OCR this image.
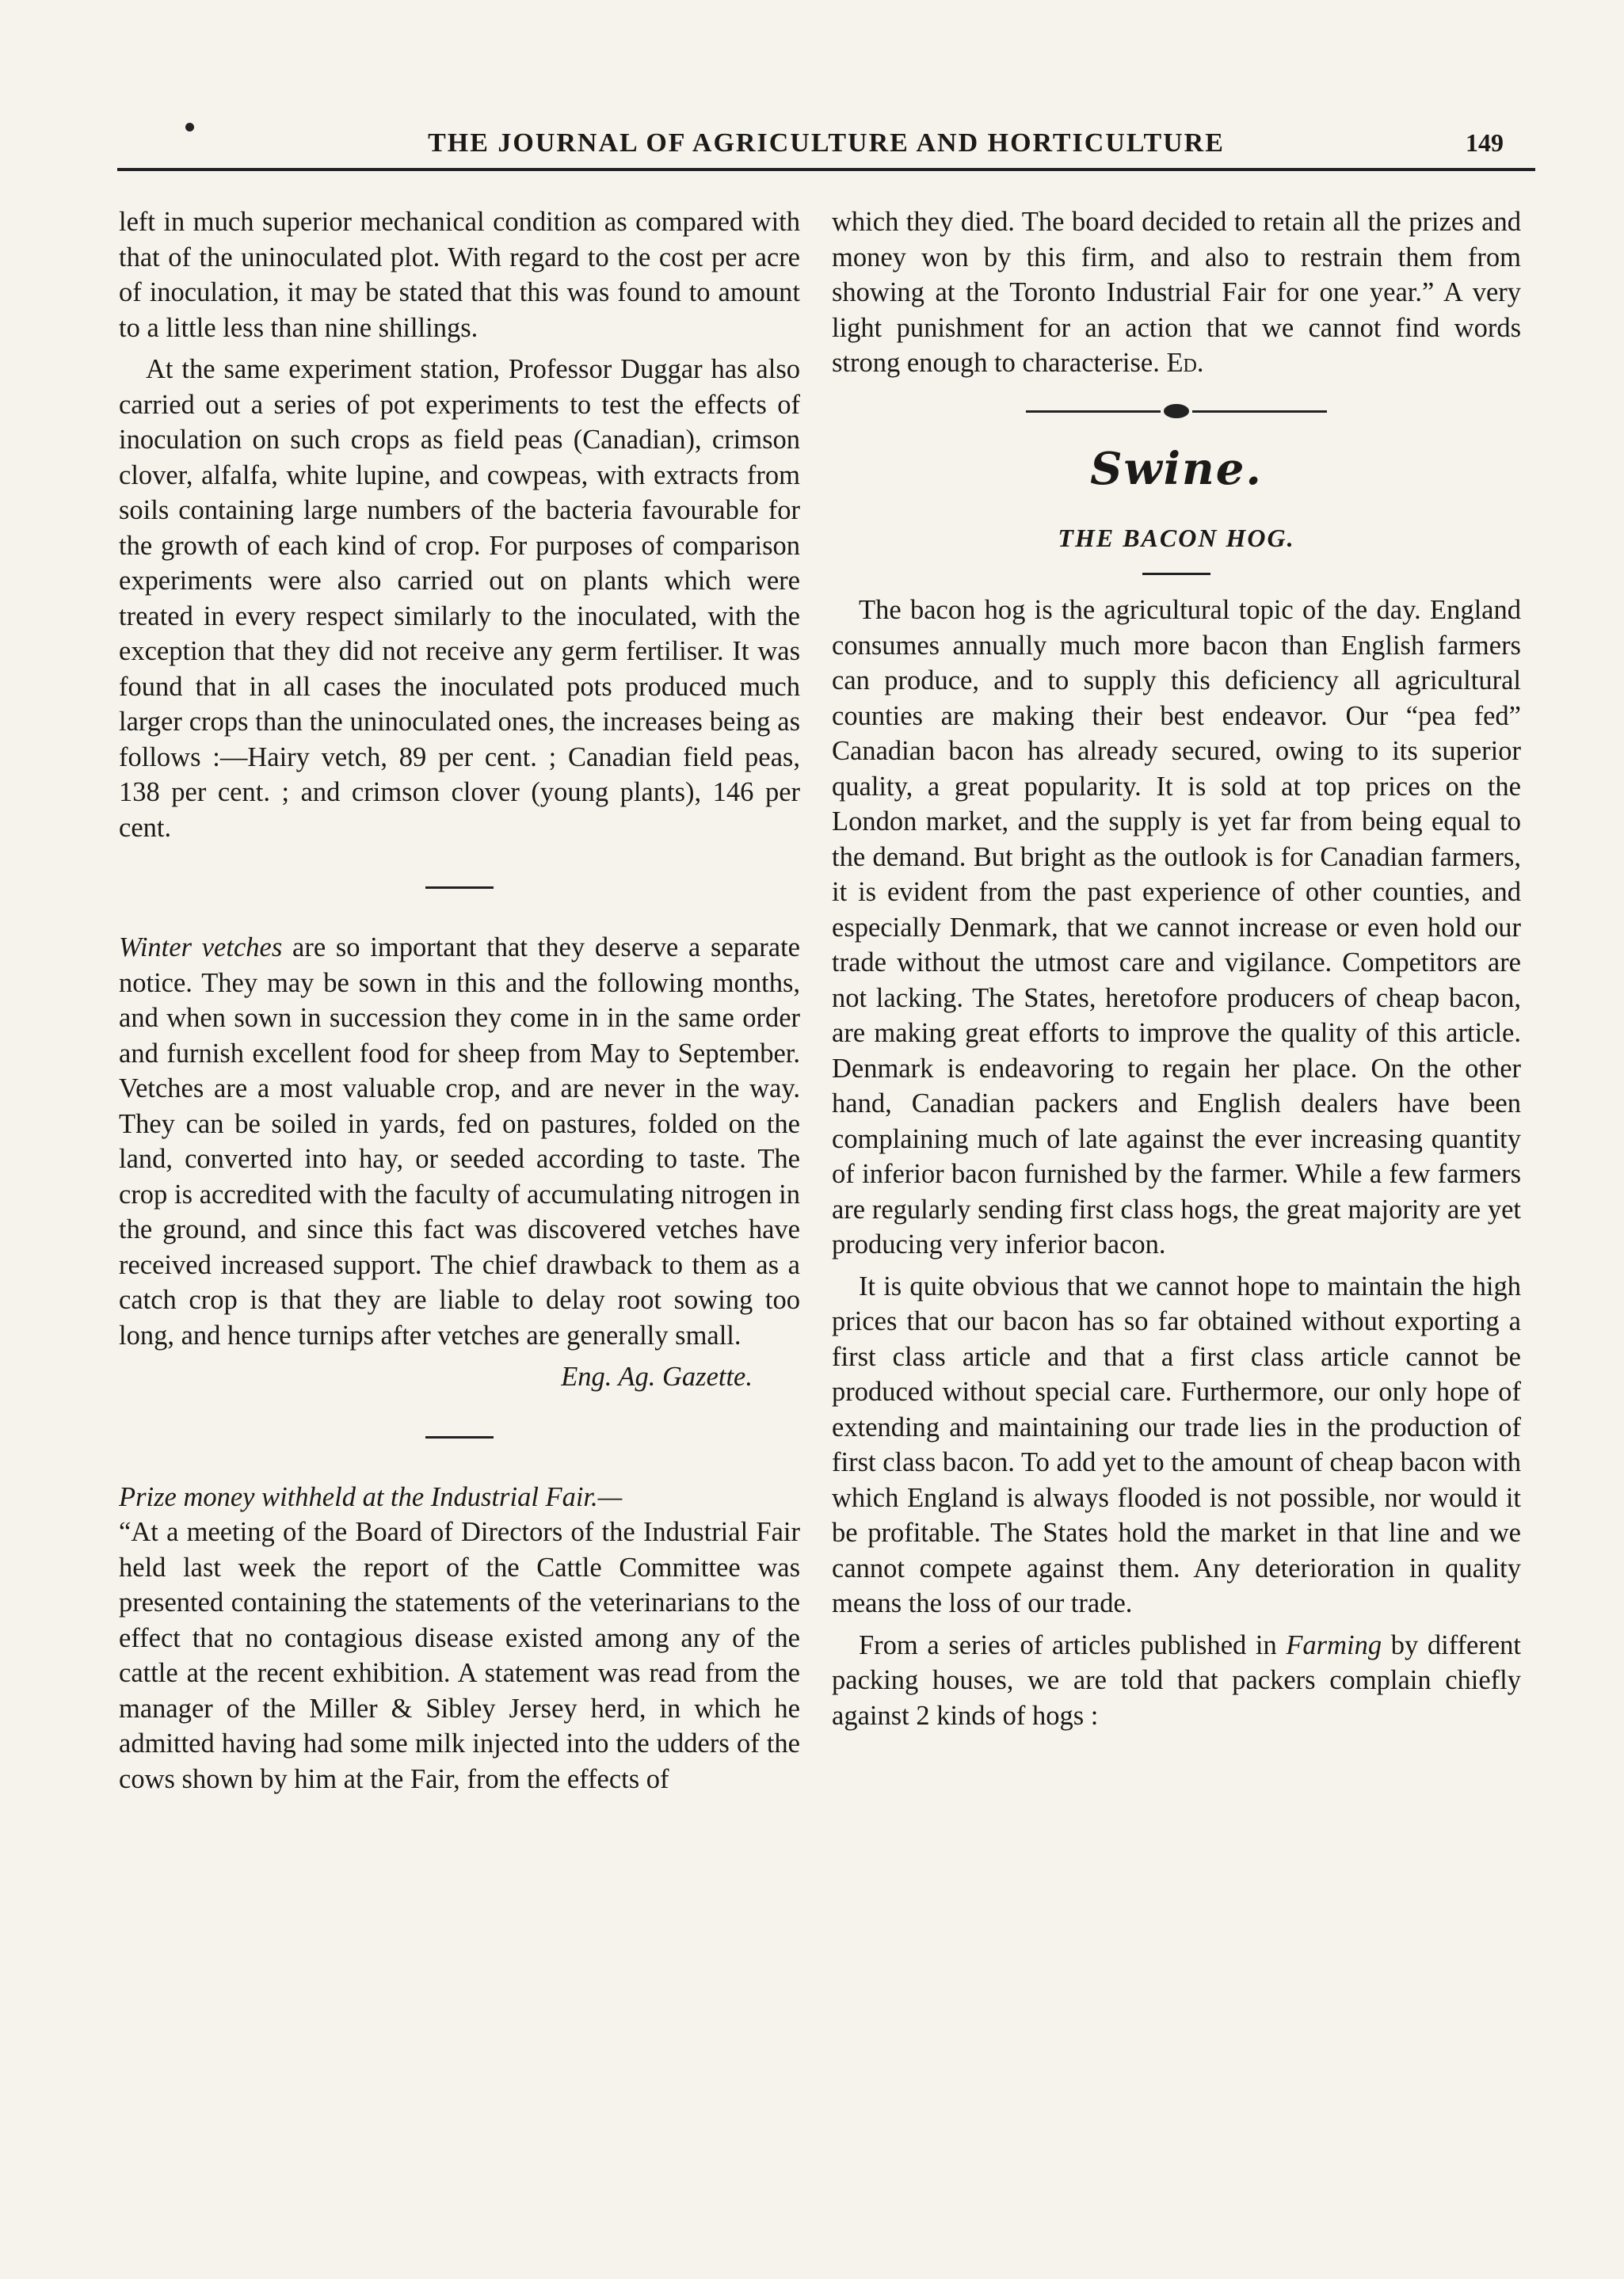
THE JOURNAL OF AGRICULTURE AND HORTICULTURE	149

left in much superior mechanical condition as compared with that of the uninoculated plot. With regard to the cost per acre of inoculation, it may be stated that this was found to amount to a little less than nine shillings.

At the same experiment station, Professor Duggar has also carried out a series of pot experiments to test the effects of inoculation on such crops as field peas (Canadian), crimson clover, alfalfa, white lupine, and cowpeas, with extracts from soils containing large numbers of the bacteria favourable for the growth of each kind of crop. For purposes of comparison experiments were also carried out on plants which were treated in every respect similarly to the inoculated, with the exception that they did not receive any germ fertiliser. It was found that in all cases the inoculated pots produced much larger crops than the uninoculated ones, the increases being as follows :—Hairy vetch, 89 per cent. ; Canadian field peas, 138 per cent. ; and crimson clover (young plants), 146 per cent.

Winter vetches are so important that they deserve a separate notice. They may be sown in this and the following months, and when sown in succession they come in in the same order and furnish excellent food for sheep from May to September. Vetches are a most valuable crop, and are never in the way. They can be soiled in yards, fed on pastures, folded on the land, converted into hay, or seeded according to taste. The crop is accredited with the faculty of accumulating nitrogen in the ground, and since this fact was discovered vetches have received increased support. The chief drawback to them as a catch crop is that they are liable to delay root sowing too long, and hence turnips after vetches are generally small.

Eng. Ag. Gazette.

Prize money withheld at the Industrial Fair.—
“At a meeting of the Board of Directors of the Industrial Fair held last week the report of the Cattle Committee was presented containing the statements of the veterinarians to the effect that no contagious disease existed among any of the cattle at the recent exhibition. A statement was read from the manager of the Miller & Sibley Jersey herd, in which he admitted having had some milk injected into the udders of the cows shown by him at the Fair, from the effects of

which they died. The board decided to retain all the prizes and money won by this firm, and also to restrain them from showing at the Toronto Industrial Fair for one year.” A very light punishment for an action that we cannot find words strong enough to characterise. Ed.

Swine.
THE BACON HOG.

The bacon hog is the agricultural topic of the day. England consumes annually much more bacon than English farmers can produce, and to supply this deficiency all agricultural counties are making their best endeavor. Our “pea fed” Canadian bacon has already secured, owing to its superior quality, a great popularity. It is sold at top prices on the London market, and the supply is yet far from being equal to the demand. But bright as the outlook is for Canadian farmers, it is evident from the past experience of other counties, and especially Denmark, that we cannot increase or even hold our trade without the utmost care and vigilance. Competitors are not lacking. The States, heretofore producers of cheap bacon, are making great efforts to improve the quality of this article. Denmark is endeavoring to regain her place. On the other hand, Canadian packers and English dealers have been complaining much of late against the ever increasing quantity of inferior bacon furnished by the farmer. While a few farmers are regularly sending first class hogs, the great majority are yet producing very inferior bacon.

It is quite obvious that we cannot hope to maintain the high prices that our bacon has so far obtained without exporting a first class article and that a first class article cannot be produced without special care. Furthermore, our only hope of extending and maintaining our trade lies in the production of first class bacon. To add yet to the amount of cheap bacon with which England is always flooded is not possible, nor would it be profitable. The States hold the market in that line and we cannot compete against them. Any deterioration in quality means the loss of our trade.

From a series of articles published in Farming by different packing houses, we are told that packers complain chiefly against 2 kinds of hogs :
